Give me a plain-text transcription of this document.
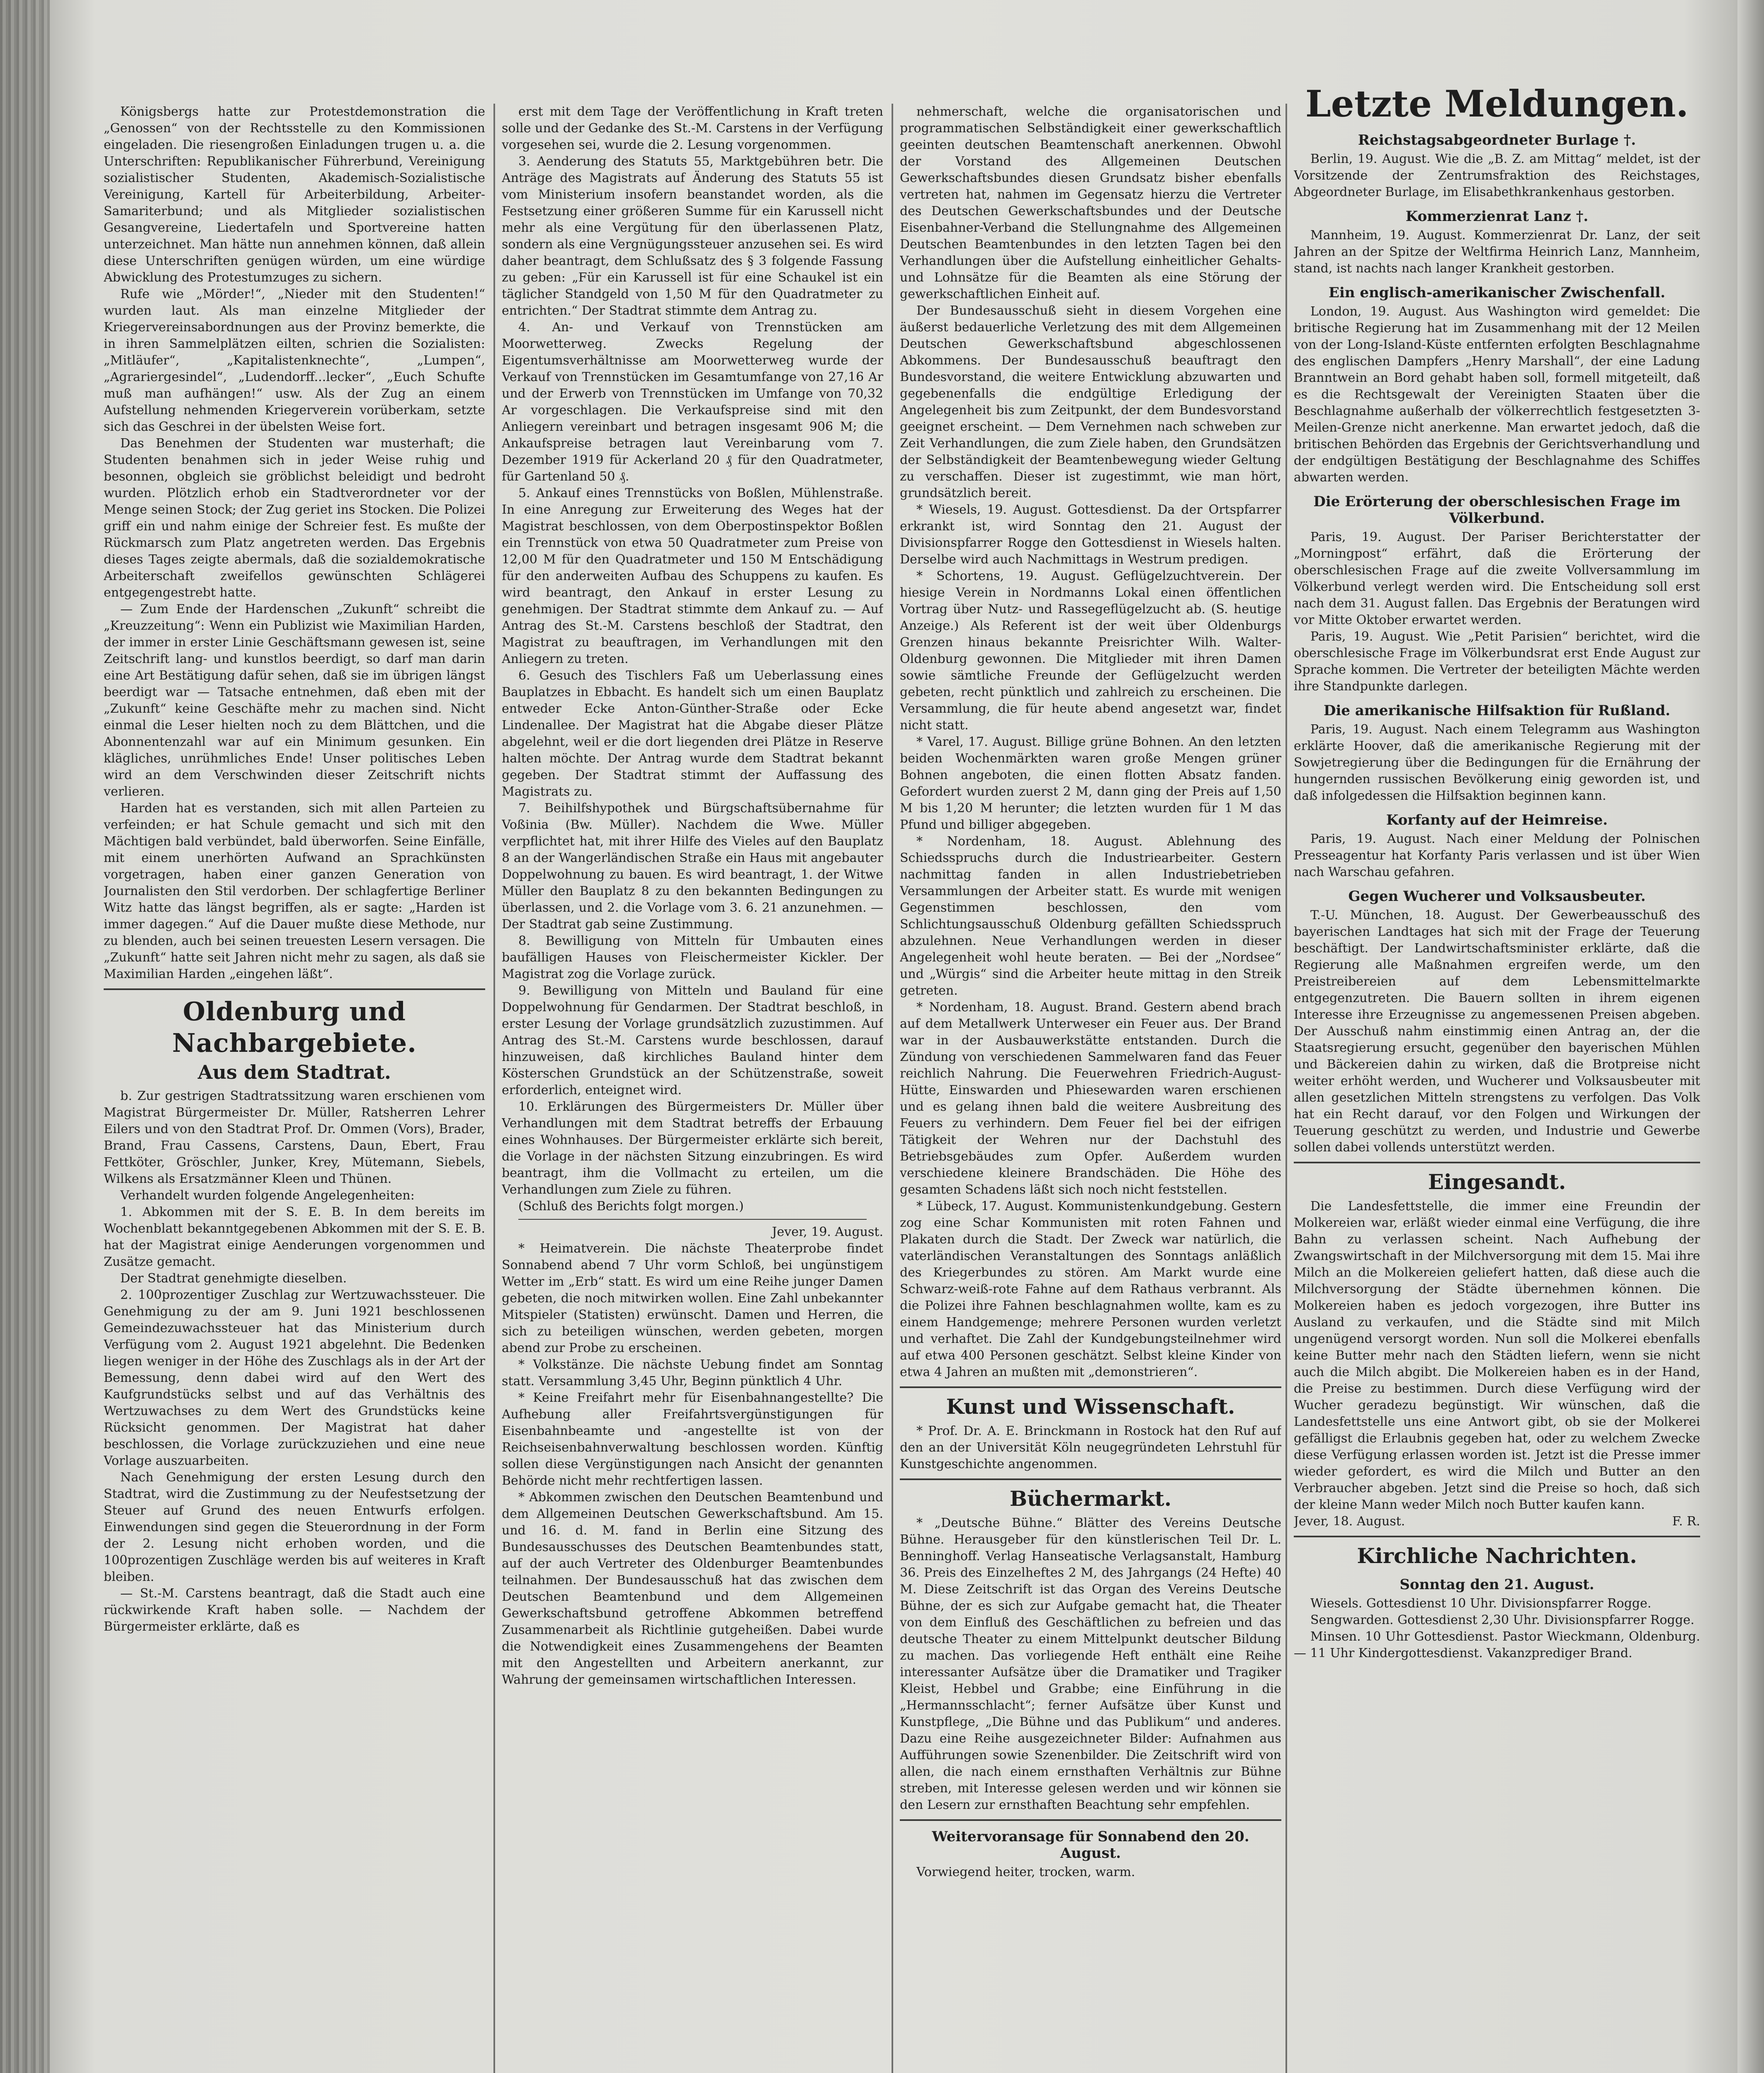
Königsbergs hatte zur Protestdemonstration die „Genossen“ von der Rechtsstelle zu den Kommissionen eingeladen. Die riesengroßen Einladungen trugen u. a. die Unterschriften: Republikanischer Führerbund, Vereinigung sozialistischer Studenten, Akademisch-Sozialistische Vereinigung, Kartell für Arbeiterbildung, Arbeiter-Samariterbund; und als Mitglieder sozialistischen Gesangvereine, Liedertafeln und Sportvereine hatten unterzeichnet. Man hätte nun annehmen können, daß allein diese Unterschriften genügen würden, um eine würdige Abwicklung des Protestumzuges zu sichern.

Rufe wie „Mörder!“, „Nieder mit den Studenten!“ wurden laut. Als man einzelne Mitglieder der Kriegervereinsabordnungen aus der Provinz bemerkte, die in ihren Sammelplätzen eilten, schrien die Sozialisten: „Mitläufer“, „Kapitalistenknechte“, „Lumpen“, „Agrariergesindel“, „Ludendorff...lecker“, „Euch Schufte muß man aufhängen!“ usw. Als der Zug an einem Aufstellung nehmenden Kriegerverein vorüberkam, setzte sich das Geschrei in der übelsten Weise fort.

Das Benehmen der Studenten war musterhaft; die Studenten benahmen sich in jeder Weise ruhig und besonnen, obgleich sie gröblichst beleidigt und bedroht wurden. Plötzlich erhob ein Stadtverordneter vor der Menge seinen Stock; der Zug geriet ins Stocken. Die Polizei griff ein und nahm einige der Schreier fest. Es mußte der Rückmarsch zum Platz angetreten werden. Das Ergebnis dieses Tages zeigte abermals, daß die sozialdemokratische Arbeiterschaft zweifellos gewünschten Schlägerei entgegengestrebt hatte.

— Zum Ende der Hardenschen „Zukunft“ schreibt die „Kreuzzeitung“: Wenn ein Publizist wie Maximilian Harden, der immer in erster Linie Geschäftsmann gewesen ist, seine Zeitschrift lang- und kunstlos beerdigt, so darf man darin eine Art Bestätigung dafür sehen, daß sie im übrigen längst beerdigt war — Tatsache entnehmen, daß eben mit der „Zukunft“ keine Geschäfte mehr zu machen sind. Nicht einmal die Leser hielten noch zu dem Blättchen, und die Abonnentenzahl war auf ein Minimum gesunken. Ein klägliches, unrühmliches Ende! Unser politisches Leben wird an dem Verschwinden dieser Zeitschrift nichts verlieren.

Harden hat es verstanden, sich mit allen Parteien zu verfeinden; er hat Schule gemacht und sich mit den Mächtigen bald verbündet, bald überworfen. Seine Einfälle, mit einem unerhörten Aufwand an Sprachkünsten vorgetragen, haben einer ganzen Generation von Journalisten den Stil verdorben. Der schlagfertige Berliner Witz hatte das längst begriffen, als er sagte: „Harden ist immer dagegen.“ Auf die Dauer mußte diese Methode, nur zu blenden, auch bei seinen treuesten Lesern versagen. Die „Zukunft“ hatte seit Jahren nicht mehr zu sagen, als daß sie Maximilian Harden „eingehen läßt“.

Oldenburg und Nachbargebiete.
Aus dem Stadtrat.

b. Zur gestrigen Stadtratssitzung waren erschienen vom Magistrat Bürgermeister Dr. Müller, Ratsherren Lehrer Eilers und von den Stadtrat Prof. Dr. Ommen (Vors), Brader, Brand, Frau Cassens, Carstens, Daun, Ebert, Frau Fettköter, Gröschler, Junker, Krey, Mütemann, Siebels, Wilkens als Ersatzmänner Kleen und Thünen.

Verhandelt wurden folgende Angelegenheiten:

1. Abkommen mit der S. E. B. In dem bereits im Wochenblatt bekanntgegebenen Abkommen mit der S. E. B. hat der Magistrat einige Aenderungen vorgenommen und Zusätze gemacht.

Der Stadtrat genehmigte dieselben.

2. 100prozentiger Zuschlag zur Wertzuwachssteuer. Die Genehmigung zu der am 9. Juni 1921 beschlossenen Gemeindezuwachssteuer hat das Ministerium durch Verfügung vom 2. August 1921 abgelehnt. Die Bedenken liegen weniger in der Höhe des Zuschlags als in der Art der Bemessung, denn dabei wird auf den Wert des Kaufgrundstücks selbst und auf das Verhältnis des Wertzuwachses zu dem Wert des Grundstücks keine Rücksicht genommen. Der Magistrat hat daher beschlossen, die Vorlage zurückzuziehen und eine neue Vorlage auszuarbeiten.

Nach Genehmigung der ersten Lesung durch den Stadtrat, wird die Zustimmung zu der Neufestsetzung der Steuer auf Grund des neuen Entwurfs erfolgen. Einwendungen sind gegen die Steuerordnung in der Form der 2. Lesung nicht erhoben worden, und die 100prozentigen Zuschläge werden bis auf weiteres in Kraft bleiben.

— St.-M. Carstens beantragt, daß die Stadt auch eine rückwirkende Kraft haben solle. — Nachdem der Bürgermeister erklärte, daß es

erst mit dem Tage der Veröffentlichung in Kraft treten solle und der Gedanke des St.-M. Carstens in der Verfügung vorgesehen sei, wurde die 2. Lesung vorgenommen.

3. Aenderung des Statuts 55, Marktgebühren betr. Die Anträge des Magistrats auf Änderung des Statuts 55 ist vom Ministerium insofern beanstandet worden, als die Festsetzung einer größeren Summe für ein Karussell nicht mehr als eine Vergütung für den überlassenen Platz, sondern als eine Vergnügungssteuer anzusehen sei. Es wird daher beantragt, dem Schlußsatz des § 3 folgende Fassung zu geben: „Für ein Karussell ist für eine Schaukel ist ein täglicher Standgeld von 1,50 M für den Quadratmeter zu entrichten.“ Der Stadtrat stimmte dem Antrag zu.

4. An- und Verkauf von Trennstücken am Moorwetterweg. Zwecks Regelung der Eigentumsverhältnisse am Moorwetterweg wurde der Verkauf von Trennstücken im Gesamtumfange von 27,16 Ar und der Erwerb von Trennstücken im Umfange von 70,32 Ar vorgeschlagen. Die Verkaufspreise sind mit den Anliegern vereinbart und betragen insgesamt 906 M; die Ankaufspreise betragen laut Vereinbarung vom 7. Dezember 1919 für Ackerland 20 ₰ für den Quadratmeter, für Gartenland 50 ₰.

5. Ankauf eines Trennstücks von Boßlen, Mühlenstraße. In eine Anregung zur Erweiterung des Weges hat der Magistrat beschlossen, von dem Oberpostinspektor Boßlen ein Trennstück von etwa 50 Quadratmeter zum Preise von 12,00 M für den Quadratmeter und 150 M Entschädigung für den anderweiten Aufbau des Schuppens zu kaufen. Es wird beantragt, den Ankauf in erster Lesung zu genehmigen. Der Stadtrat stimmte dem Ankauf zu. — Auf Antrag des St.-M. Carstens beschloß der Stadtrat, den Magistrat zu beauftragen, im Verhandlungen mit den Anliegern zu treten.

6. Gesuch des Tischlers Faß um Ueberlassung eines Bauplatzes in Ebbacht. Es handelt sich um einen Bauplatz entweder Ecke Anton-Günther-Straße oder Ecke Lindenallee. Der Magistrat hat die Abgabe dieser Plätze abgelehnt, weil er die dort liegenden drei Plätze in Reserve halten möchte. Der Antrag wurde dem Stadtrat bekannt gegeben. Der Stadtrat stimmt der Auffassung des Magistrats zu.

7. Beihilfshypothek und Bürgschaftsübernahme für Voßinia (Bw. Müller). Nachdem die Wwe. Müller verpflichtet hat, mit ihrer Hilfe des Vieles auf den Bauplatz 8 an der Wangerländischen Straße ein Haus mit angebauter Doppelwohnung zu bauen. Es wird beantragt, 1. der Witwe Müller den Bauplatz 8 zu den bekannten Bedingungen zu überlassen, und 2. die Vorlage vom 3. 6. 21 anzunehmen. — Der Stadtrat gab seine Zustimmung.

8. Bewilligung von Mitteln für Umbauten eines baufälligen Hauses von Fleischermeister Kickler. Der Magistrat zog die Vorlage zurück.

9. Bewilligung von Mitteln und Bauland für eine Doppelwohnung für Gendarmen. Der Stadtrat beschloß, in erster Lesung der Vorlage grundsätzlich zuzustimmen. Auf Antrag des St.-M. Carstens wurde beschlossen, darauf hinzuweisen, daß kirchliches Bauland hinter dem Kösterschen Grundstück an der Schützenstraße, soweit erforderlich, enteignet wird.

10. Erklärungen des Bürgermeisters Dr. Müller über Verhandlungen mit dem Stadtrat betreffs der Erbauung eines Wohnhauses. Der Bürgermeister erklärte sich bereit, die Vorlage in der nächsten Sitzung einzubringen. Es wird beantragt, ihm die Vollmacht zu erteilen, um die Verhandlungen zum Ziele zu führen.

(Schluß des Berichts folgt morgen.)

Jever, 19. August.

* Heimatverein. Die nächste Theaterprobe findet Sonnabend abend 7 Uhr vorm Schloß, bei ungünstigem Wetter im „Erb“ statt. Es wird um eine Reihe junger Damen gebeten, die noch mitwirken wollen. Eine Zahl unbekannter Mitspieler (Statisten) erwünscht. Damen und Herren, die sich zu beteiligen wünschen, werden gebeten, morgen abend zur Probe zu erscheinen.

* Volkstänze. Die nächste Uebung findet am Sonntag statt. Versammlung 3,45 Uhr, Beginn pünktlich 4 Uhr.

* Keine Freifahrt mehr für Eisenbahnangestellte? Die Aufhebung aller Freifahrtsvergünstigungen für Eisenbahnbeamte und -angestellte ist von der Reichseisenbahnverwaltung beschlossen worden. Künftig sollen diese Vergünstigungen nach Ansicht der genannten Behörde nicht mehr rechtfertigen lassen.

* Abkommen zwischen den Deutschen Beamtenbund und dem Allgemeinen Deutschen Gewerkschaftsbund. Am 15. und 16. d. M. fand in Berlin eine Sitzung des Bundesausschusses des Deutschen Beamtenbundes statt, auf der auch Vertreter des Oldenburger Beamtenbundes teilnahmen. Der Bundesausschuß hat das zwischen dem Deutschen Beamtenbund und dem Allgemeinen Gewerkschaftsbund getroffene Abkommen betreffend Zusammenarbeit als Richtlinie gutgeheißen. Dabei wurde die Notwendigkeit eines Zusammengehens der Beamten mit den Angestellten und Arbeitern anerkannt, zur Wahrung der gemeinsamen wirtschaftlichen Interessen.

nehmerschaft, welche die organisatorischen und programmatischen Selbständigkeit einer gewerkschaftlich geeinten deutschen Beamtenschaft anerkennen. Obwohl der Vorstand des Allgemeinen Deutschen Gewerkschaftsbundes diesen Grundsatz bisher ebenfalls vertreten hat, nahmen im Gegensatz hierzu die Vertreter des Deutschen Gewerkschaftsbundes und der Deutsche Eisenbahner-Verband die Stellungnahme des Allgemeinen Deutschen Beamtenbundes in den letzten Tagen bei den Verhandlungen über die Aufstellung einheitlicher Gehalts- und Lohnsätze für die Beamten als eine Störung der gewerkschaftlichen Einheit auf.

Der Bundesausschuß sieht in diesem Vorgehen eine äußerst bedauerliche Verletzung des mit dem Allgemeinen Deutschen Gewerkschaftsbund abgeschlossenen Abkommens. Der Bundesausschuß beauftragt den Bundesvorstand, die weitere Entwicklung abzuwarten und gegebenenfalls die endgültige Erledigung der Angelegenheit bis zum Zeitpunkt, der dem Bundesvorstand geeignet erscheint. — Dem Vernehmen nach schweben zur Zeit Verhandlungen, die zum Ziele haben, den Grundsätzen der Selbständigkeit der Beamtenbewegung wieder Geltung zu verschaffen. Dieser ist zugestimmt, wie man hört, grundsätzlich bereit.

* Wiesels, 19. August. Gottesdienst. Da der Ortspfarrer erkrankt ist, wird Sonntag den 21. August der Divisionspfarrer Rogge den Gottesdienst in Wiesels halten. Derselbe wird auch Nachmittags in Westrum predigen.

* Schortens, 19. August. Geflügelzuchtverein. Der hiesige Verein in Nordmanns Lokal einen öffentlichen Vortrag über Nutz- und Rassegeflügelzucht ab. (S. heutige Anzeige.) Als Referent ist der weit über Oldenburgs Grenzen hinaus bekannte Preisrichter Wilh. Walter-Oldenburg gewonnen. Die Mitglieder mit ihren Damen sowie sämtliche Freunde der Geflügelzucht werden gebeten, recht pünktlich und zahlreich zu erscheinen. Die Versammlung, die für heute abend angesetzt war, findet nicht statt.

* Varel, 17. August. Billige grüne Bohnen. An den letzten beiden Wochenmärkten waren große Mengen grüner Bohnen angeboten, die einen flotten Absatz fanden. Gefordert wurden zuerst 2 M, dann ging der Preis auf 1,50 M bis 1,20 M herunter; die letzten wurden für 1 M das Pfund und billiger abgegeben.

* Nordenham, 18. August. Ablehnung des Schiedsspruchs durch die Industriearbeiter. Gestern nachmittag fanden in allen Industriebetrieben Versammlungen der Arbeiter statt. Es wurde mit wenigen Gegenstimmen beschlossen, den vom Schlichtungsausschuß Oldenburg gefällten Schiedsspruch abzulehnen. Neue Verhandlungen werden in dieser Angelegenheit wohl heute beraten. — Bei der „Nordsee“ und „Würgis“ sind die Arbeiter heute mittag in den Streik getreten.

* Nordenham, 18. August. Brand. Gestern abend brach auf dem Metallwerk Unterweser ein Feuer aus. Der Brand war in der Ausbauwerkstätte entstanden. Durch die Zündung von verschiedenen Sammelwaren fand das Feuer reichlich Nahrung. Die Feuerwehren Friedrich-August-Hütte, Einswarden und Phiesewarden waren erschienen und es gelang ihnen bald die weitere Ausbreitung des Feuers zu verhindern. Dem Feuer fiel bei der eifrigen Tätigkeit der Wehren nur der Dachstuhl des Betriebsgebäudes zum Opfer. Außerdem wurden verschiedene kleinere Brandschäden. Die Höhe des gesamten Schadens läßt sich noch nicht feststellen.

* Lübeck, 17. August. Kommunistenkundgebung. Gestern zog eine Schar Kommunisten mit roten Fahnen und Plakaten durch die Stadt. Der Zweck war natürlich, die vaterländischen Veranstaltungen des Sonntags anläßlich des Kriegerbundes zu stören. Am Markt wurde eine Schwarz-weiß-rote Fahne auf dem Rathaus verbrannt. Als die Polizei ihre Fahnen beschlagnahmen wollte, kam es zu einem Handgemenge; mehrere Personen wurden verletzt und verhaftet. Die Zahl der Kundgebungsteilnehmer wird auf etwa 400 Personen geschätzt. Selbst kleine Kinder von etwa 4 Jahren an mußten mit „demonstrieren“.

Kunst und Wissenschaft.

* Prof. Dr. A. E. Brinckmann in Rostock hat den Ruf auf den an der Universität Köln neugegründeten Lehrstuhl für Kunstgeschichte angenommen.

Büchermarkt.

* „Deutsche Bühne.“ Blätter des Vereins Deutsche Bühne. Herausgeber für den künstlerischen Teil Dr. L. Benninghoff. Verlag Hanseatische Verlagsanstalt, Hamburg 36. Preis des Einzelheftes 2 M, des Jahrgangs (24 Hefte) 40 M. Diese Zeitschrift ist das Organ des Vereins Deutsche Bühne, der es sich zur Aufgabe gemacht hat, die Theater von dem Einfluß des Geschäftlichen zu befreien und das deutsche Theater zu einem Mittelpunkt deutscher Bildung zu machen. Das vorliegende Heft enthält eine Reihe interessanter Aufsätze über die Dramatiker und Tragiker Kleist, Hebbel und Grabbe; eine Einführung in die „Hermannsschlacht“; ferner Aufsätze über Kunst und Kunstpflege, „Die Bühne und das Publikum“ und anderes. Dazu eine Reihe ausgezeichneter Bilder: Aufnahmen aus Aufführungen sowie Szenenbilder. Die Zeitschrift wird von allen, die nach einem ernsthaften Verhältnis zur Bühne streben, mit Interesse gelesen werden und wir können sie den Lesern zur ernsthaften Beachtung sehr empfehlen.

Weitervoransage für Sonnabend den 20. August.

Vorwiegend heiter, trocken, warm.

Letzte Meldungen.
Reichstagsabgeordneter Burlage †.

Berlin, 19. August. Wie die „B. Z. am Mittag“ meldet, ist der Vorsitzende der Zentrumsfraktion des Reichstages, Abgeordneter Burlage, im Elisabethkrankenhaus gestorben.

Kommerzienrat Lanz †.

Mannheim, 19. August. Kommerzienrat Dr. Lanz, der seit Jahren an der Spitze der Weltfirma Heinrich Lanz, Mannheim, stand, ist nachts nach langer Krankheit gestorben.

Ein englisch-amerikanischer Zwischenfall.

London, 19. August. Aus Washington wird gemeldet: Die britische Regierung hat im Zusammenhang mit der 12 Meilen von der Long-Island-Küste entfernten erfolgten Beschlagnahme des englischen Dampfers „Henry Marshall“, der eine Ladung Branntwein an Bord gehabt haben soll, formell mitgeteilt, daß es die Rechtsgewalt der Vereinigten Staaten über die Beschlagnahme außerhalb der völkerrechtlich festgesetzten 3-Meilen-Grenze nicht anerkenne. Man erwartet jedoch, daß die britischen Behörden das Ergebnis der Gerichtsverhandlung und der endgültigen Bestätigung der Beschlagnahme des Schiffes abwarten werden.

Die Erörterung der oberschlesischen Frage im Völkerbund.

Paris, 19. August. Der Pariser Berichterstatter der „Morningpost“ erfährt, daß die Erörterung der oberschlesischen Frage auf die zweite Vollversammlung im Völkerbund verlegt werden wird. Die Entscheidung soll erst nach dem 31. August fallen. Das Ergebnis der Beratungen wird vor Mitte Oktober erwartet werden.

Paris, 19. August. Wie „Petit Parisien“ berichtet, wird die oberschlesische Frage im Völkerbundsrat erst Ende August zur Sprache kommen. Die Vertreter der beteiligten Mächte werden ihre Standpunkte darlegen.

Die amerikanische Hilfsaktion für Rußland.

Paris, 19. August. Nach einem Telegramm aus Washington erklärte Hoover, daß die amerikanische Regierung mit der Sowjetregierung über die Bedingungen für die Ernährung der hungernden russischen Bevölkerung einig geworden ist, und daß infolgedessen die Hilfsaktion beginnen kann.

Korfanty auf der Heimreise.

Paris, 19. August. Nach einer Meldung der Polnischen Presseagentur hat Korfanty Paris verlassen und ist über Wien nach Warschau gefahren.

Gegen Wucherer und Volksausbeuter.

T.-U. München, 18. August. Der Gewerbeausschuß des bayerischen Landtages hat sich mit der Frage der Teuerung beschäftigt. Der Landwirtschaftsminister erklärte, daß die Regierung alle Maßnahmen ergreifen werde, um den Preistreibereien auf dem Lebensmittelmarkte entgegenzutreten. Die Bauern sollten in ihrem eigenen Interesse ihre Erzeugnisse zu angemessenen Preisen abgeben. Der Ausschuß nahm einstimmig einen Antrag an, der die Staatsregierung ersucht, gegenüber den bayerischen Mühlen und Bäckereien dahin zu wirken, daß die Brotpreise nicht weiter erhöht werden, und Wucherer und Volksausbeuter mit allen gesetzlichen Mitteln strengstens zu verfolgen. Das Volk hat ein Recht darauf, vor den Folgen und Wirkungen der Teuerung geschützt zu werden, und Industrie und Gewerbe sollen dabei vollends unterstützt werden.

Eingesandt.

Die Landesfettstelle, die immer eine Freundin der Molkereien war, erläßt wieder einmal eine Verfügung, die ihre Bahn zu verlassen scheint. Nach Aufhebung der Zwangswirtschaft in der Milchversorgung mit dem 15. Mai ihre Milch an die Molkereien geliefert hatten, daß diese auch die Milchversorgung der Städte übernehmen können. Die Molkereien haben es jedoch vorgezogen, ihre Butter ins Ausland zu verkaufen, und die Städte sind mit Milch ungenügend versorgt worden. Nun soll die Molkerei ebenfalls keine Butter mehr nach den Städten liefern, wenn sie nicht auch die Milch abgibt. Die Molkereien haben es in der Hand, die Preise zu bestimmen. Durch diese Verfügung wird der Wucher geradezu begünstigt. Wir wünschen, daß die Landesfettstelle uns eine Antwort gibt, ob sie der Molkerei gefälligst die Erlaubnis gegeben hat, oder zu welchem Zwecke diese Verfügung erlassen worden ist. Jetzt ist die Presse immer wieder gefordert, es wird die Milch und Butter an den Verbraucher abgeben. Jetzt sind die Preise so hoch, daß sich der kleine Mann weder Milch noch Butter kaufen kann.

Jever, 18. August.	F. R.
Kirchliche Nachrichten.
Sonntag den 21. August.

Wiesels. Gottesdienst 10 Uhr. Divisionspfarrer Rogge.

Sengwarden. Gottesdienst 2,30 Uhr. Divisionspfarrer Rogge.

Minsen. 10 Uhr Gottesdienst. Pastor Wieckmann, Oldenburg. — 11 Uhr Kindergottesdienst. Vakanzprediger Brand.
